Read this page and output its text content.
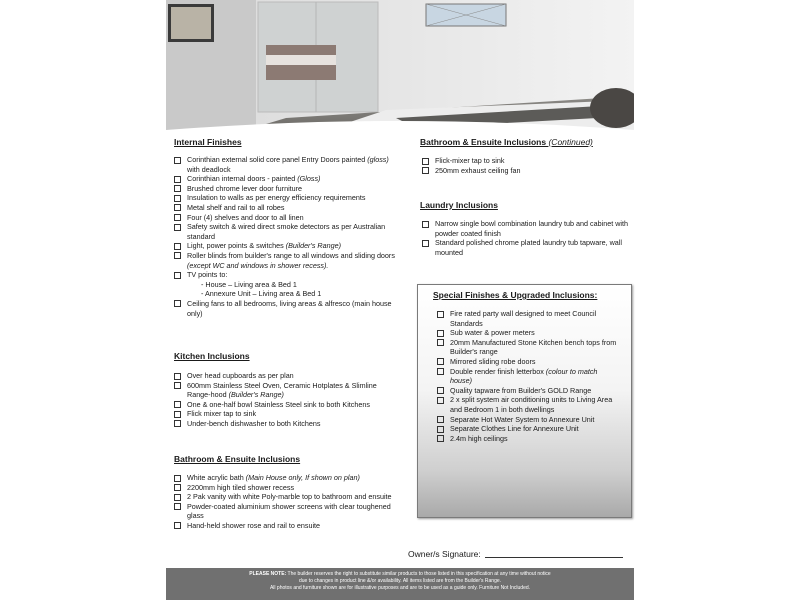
Internal Finishes
Corinthian external solid core panel Entry Doors painted (gloss) with deadlock
Corinthian internal doors - painted (Gloss)
Brushed chrome lever door furniture
Insulation to walls as per energy efficiency requirements
Metal shelf and rail to all robes
Four (4) shelves and door to all linen
Safety switch & wired direct smoke detectors as per Australian standard
Light, power points & switches (Builder's Range)
Roller blinds from builder's range to all windows and sliding doors (except WC and windows in shower recess).
TV points to:
- House – Living area & Bed 1
- Annexure Unit – Living area & Bed 1
Ceiling fans to all bedrooms, living areas & alfresco (main house only)
Kitchen Inclusions
Over head cupboards as per plan
600mm Stainless Steel Oven, Ceramic Hotplates & Slimline Range-hood (Builder's Range)
One & one-half bowl Stainless Steel sink to both Kitchens
Flick mixer tap to sink
Under-bench dishwasher to both Kitchens
Bathroom & Ensuite Inclusions
White acrylic bath (Main House only, If shown on plan)
2200mm high tiled shower recess
2 Pak vanity with white Poly-marble top to bathroom and ensuite
Powder-coated aluminium shower screens with clear toughened glass
Hand-held shower rose and rail to ensuite
Bathroom & Ensuite Inclusions (Continued)
Flick-mixer tap to sink
250mm exhaust ceiling fan
Laundry Inclusions
Narrow single bowl combination laundry tub and cabinet with powder coated finish
Standard polished chrome plated laundry tub tapware, wall mounted
Special Finishes & Upgraded Inclusions:
Fire rated party wall designed to meet Council Standards
Sub water & power meters
20mm Manufactured Stone Kitchen bench tops from Builder's range
Mirrored sliding robe doors
Double render finish letterbox (colour to match house)
Quality tapware from Builder's GOLD Range
2 x split system air conditioning units to Living Area and Bedroom 1 in both dwellings
Separate Hot Water System to Annexure Unit
Separate Clothes Line for Annexure Unit
2.4m high ceilings
Owner/s Signature:
PLEASE NOTE: The builder reserves the right to substitute similar products to those listed in this specification at any time without notice
due to changes in product line &/or availability. All items listed are from the Builder's Range.
All photos and furniture shown are for illustrative purposes and are to be used as a guide only. Furniture Not Included.
